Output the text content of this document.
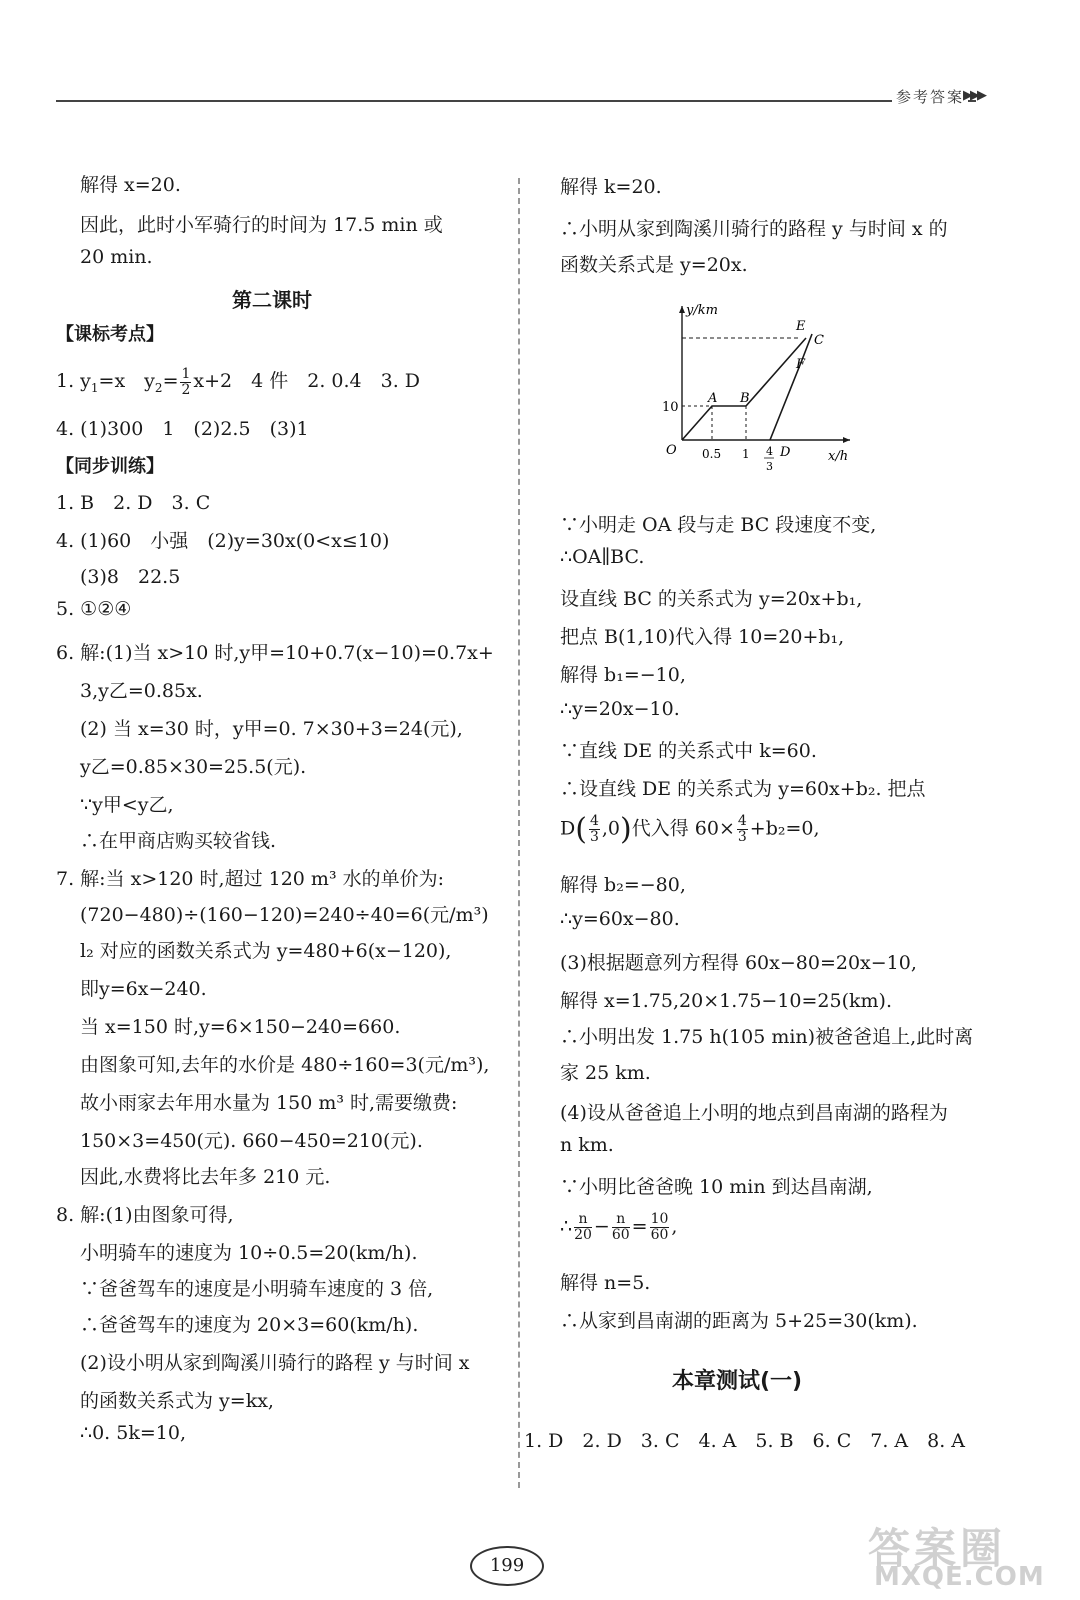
参考答案
▶▶▶
解得 x=20.
因此，此时小军骑行的时间为 17.5 min 或
20 min.
第二课时
【课标考点】
1. $y_1=x$　$y_2= \frac{1}{2} x+2$　4 件　2. 0.4　3. D
4. (1)300　1　(2)2.5　(3)1
【同步训练】
1. B　2. D　3. C
4. (1)60　小强　(2)y=30x(0<x≤10)
(3)8　22.5
5. ①②④
6. 解:(1)当 x>10 时,y甲=10+0.7(x−10)=0.7x+
3,y乙=0.85x.
(2) 当 x=30 时，y甲=0. 7×30+3=24(元),
y乙=0.85×30=25.5(元).
∵y甲<y乙,
∴在甲商店购买较省钱.
7. 解:当 x>120 时,超过 120 m³ 水的单价为:
(720−480)÷(160−120)=240÷40=6(元/m³)
l₂ 对应的函数关系式为 y=480+6(x−120),
即y=6x−240.
当 x=150 时,y=6×150−240=660.
由图象可知,去年的水价是 480÷160=3(元/m³),
故小雨家去年用水量为 150 m³ 时,需要缴费:
150×3=450(元). 660−450=210(元).
因此,水费将比去年多 210 元.
8. 解:(1)由图象可得,
小明骑车的速度为 10÷0.5=20(km/h).
∵爸爸驾车的速度是小明骑车速度的 3 倍,
∴爸爸驾车的速度为 20×3=60(km/h).
(2)设小明从家到陶溪川骑行的路程 y 与时间 x
的函数关系式为 y=kx,
∴0. 5k=10,
解得 k=20.
∴小明从家到陶溪川骑行的路程 y 与时间 x 的
函数关系式是 y=20x.
y/km
x/h
O
10
0.5 1 4
3
A B
C
D
E
F
∵小明走 OA 段与走 BC 段速度不变,
∴OA∥BC.
设直线 BC 的关系式为 y=20x+b₁,
把点 B(1,10)代入得 10=20+b₁,
解得 b₁=−10,
∴y=20x−10.
∵直线 DE 的关系式中 k=60.
∴设直线 DE 的关系式为 y=60x+b₂. 把点
$D( \frac{4}{3} ,0)$代入得 $60\times \frac{4}{3} +b_2=0$,
解得 b₂=−80,
∴y=60x−80.
(3)根据题意列方程得 60x−80=20x−10,
解得 x=1.75,20×1.75−10=25(km).
∴小明出发 1.75 h(105 min)被爸爸追上,此时离
家 25 km.
(4)设从爸爸追上小明的地点到昌南湖的路程为
n km.
∵小明比爸爸晚 10 min 到达昌南湖,
∴ $\frac{n}{20} - \frac{n}{60} = \frac{10}{60}$ ,
解得 n=5.
∴从家到昌南湖的距离为 5+25=30(km).
本章测试(一)
1. D　2. D　3. C　4. A　5. B　6. C　7. A　8. A
199	答案圈
MXQE.COM
